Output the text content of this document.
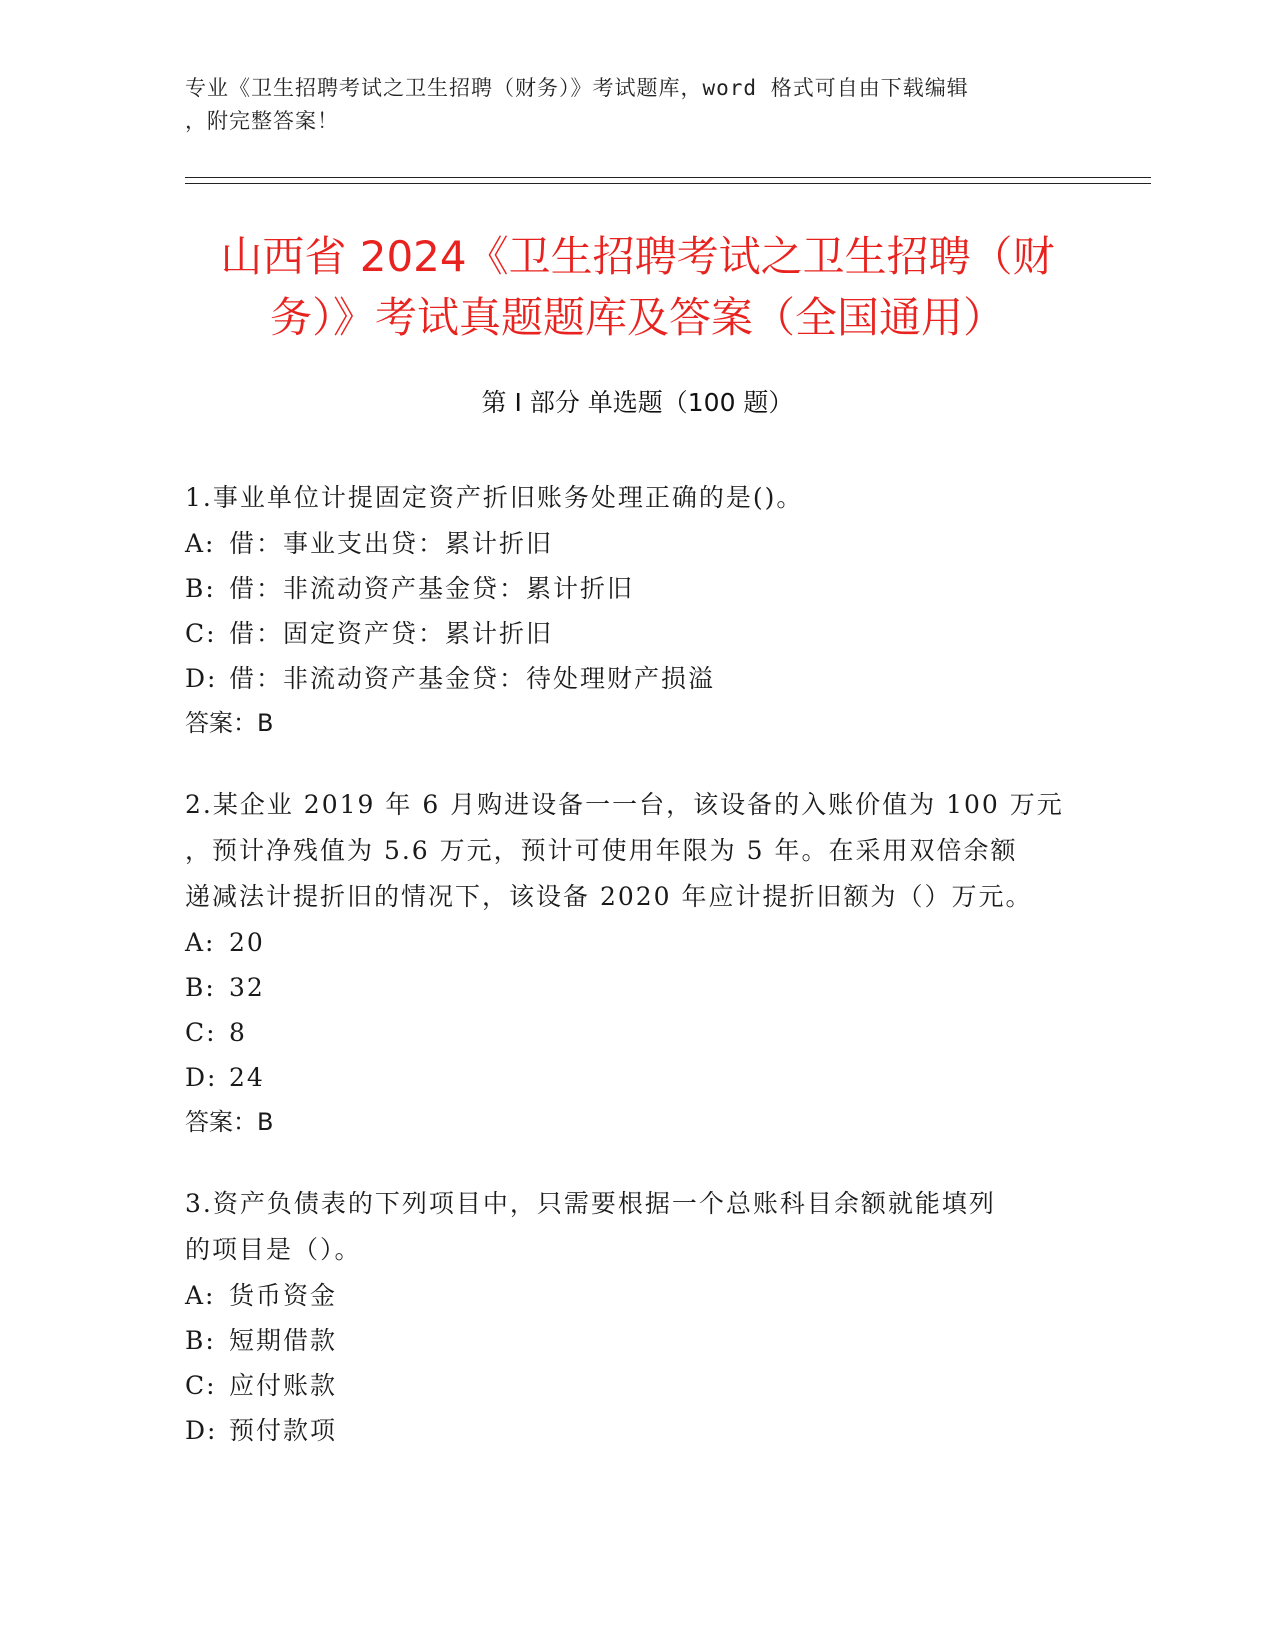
专业《卫生招聘考试之卫生招聘（财务）》考试题库，word 格式可自由下载编辑
，附完整答案！
山西省 2024《卫生招聘考试之卫生招聘（财
务）》考试真题题库及答案（全国通用）
第 I 部分 单选题（100 题）

1.事业单位计提固定资产折旧账务处理正确的是()。

A: 借：事业支出贷：累计折旧

B: 借：非流动资产基金贷：累计折旧

C: 借：固定资产贷：累计折旧

D: 借：非流动资产基金贷：待处理财产损溢

答案：B

2.某企业 2019 年 6 月购进设备一一台，该设备的入账价值为 100 万元

，预计净残值为 5.6 万元，预计可使用年限为 5 年。在采用双倍余额

递减法计提折旧的情况下，该设备 2020 年应计提折旧额为（）万元。

A: 20

B: 32

C: 8

D: 24

答案：B

3.资产负债表的下列项目中，只需要根据一个总账科目余额就能填列

的项目是（）。

A: 货币资金

B: 短期借款

C: 应付账款

D: 预付款项
